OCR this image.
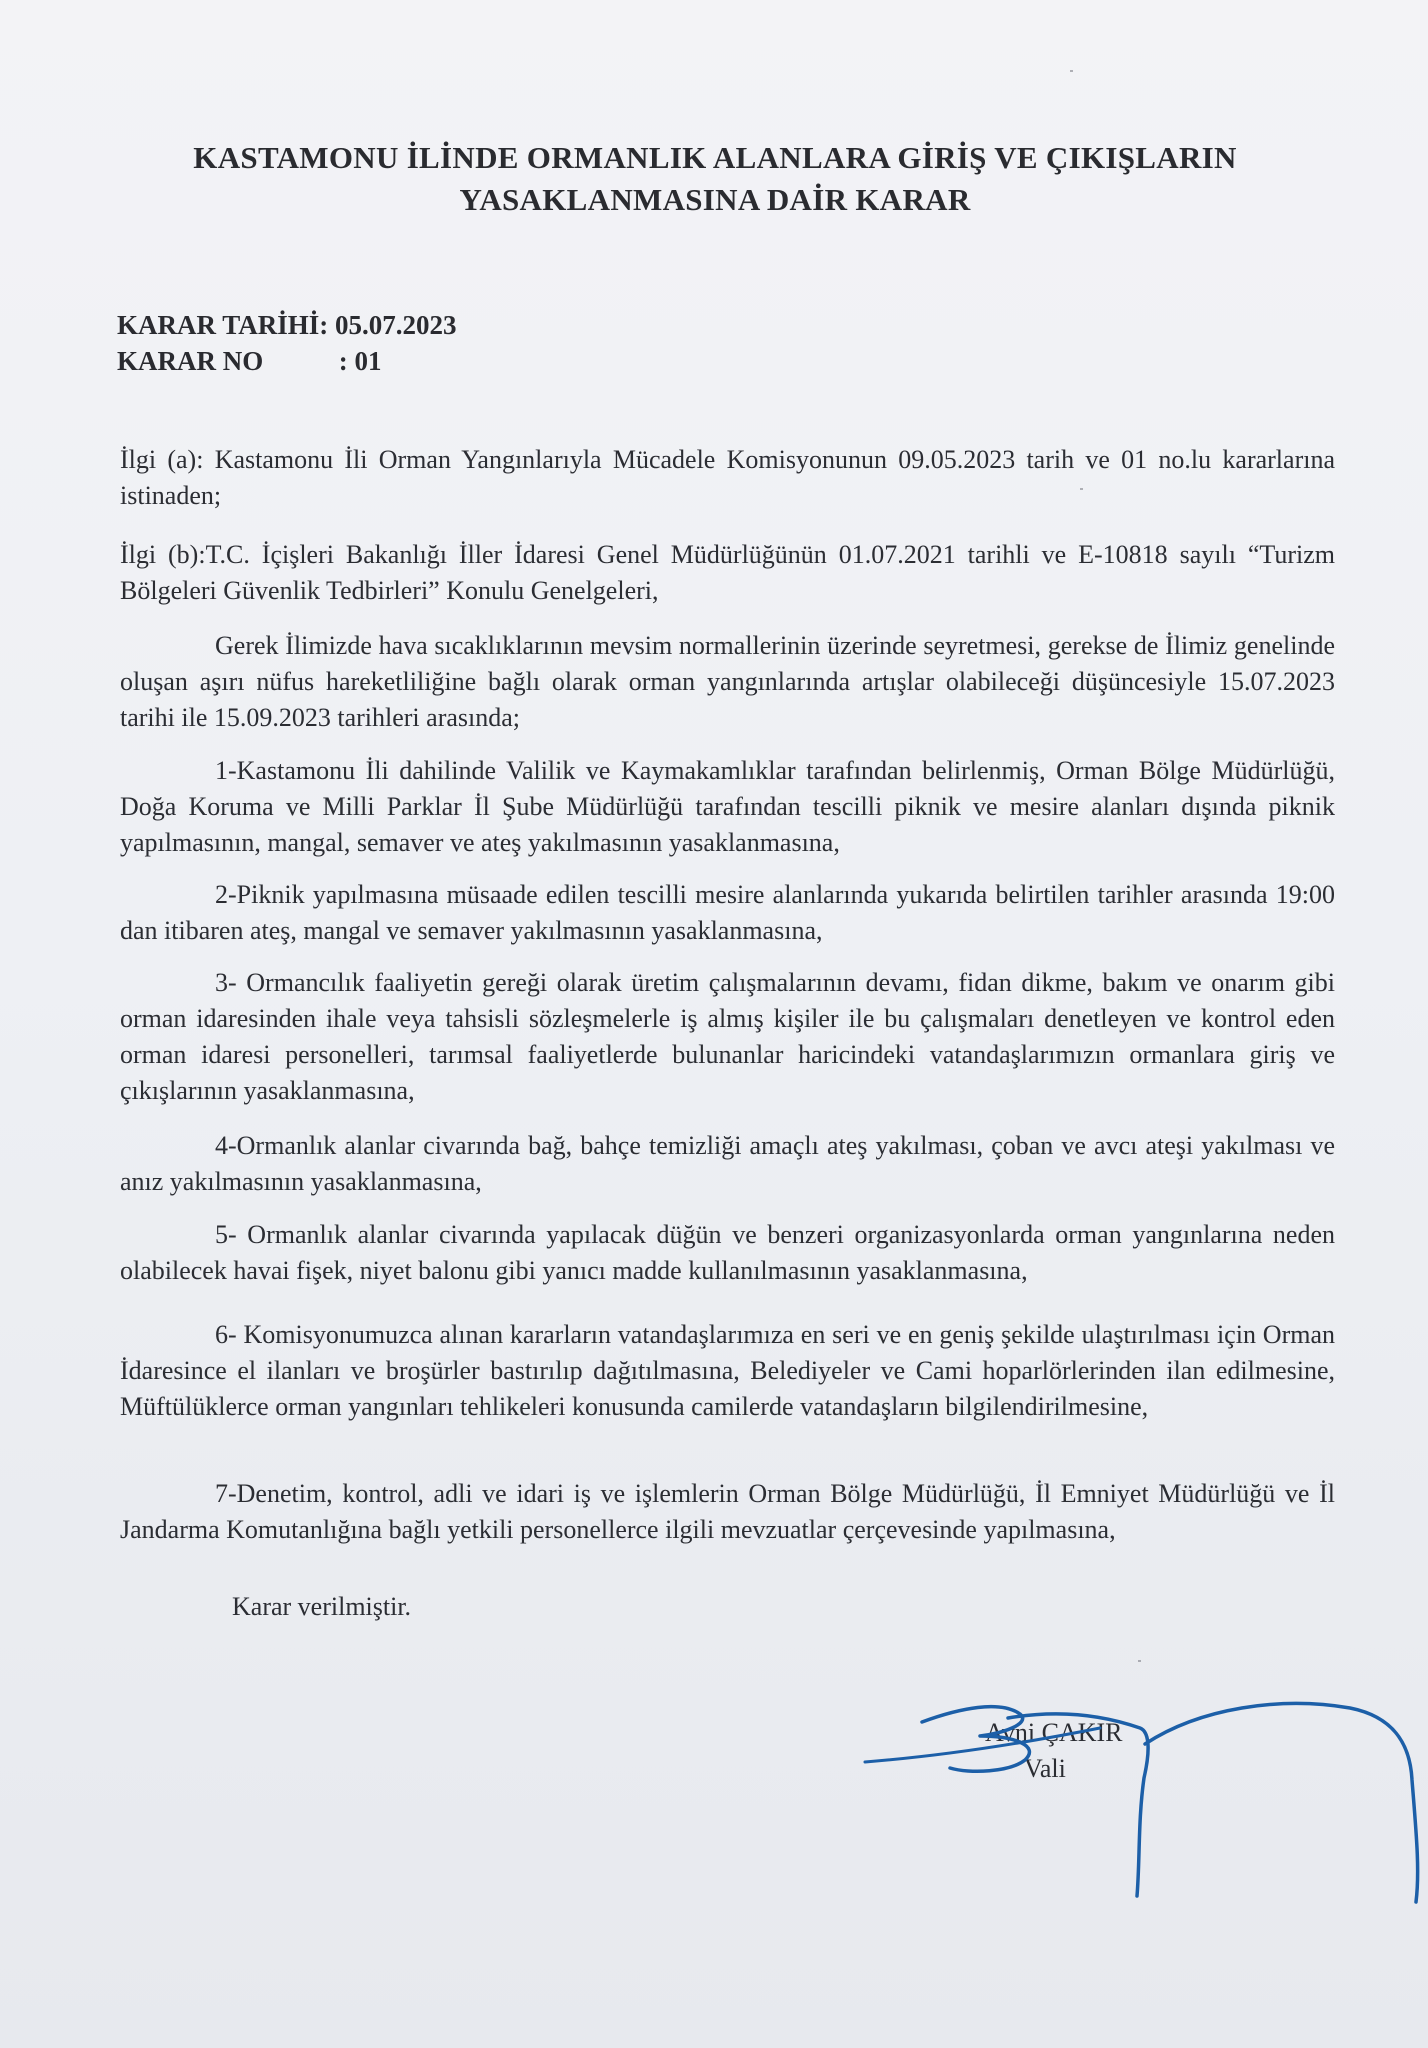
KASTAMONU İLİNDE ORMANLIK ALANLARA GİRİŞ VE ÇIKIŞLARIN
YASAKLANMASINA DAİR KARAR
KARAR TARİHİ: 05.07.2023
KARAR NO	: 01
İlgi (a): Kastamonu İli Orman Yangınlarıyla Mücadele Komisyonunun 09.05.2023 tarih ve 01 no.lu kararlarına istinaden;
İlgi (b):T.C. İçişleri Bakanlığı İller İdaresi Genel Müdürlüğünün 01.07.2021 tarihli ve E-10818 sayılı “Turizm Bölgeleri Güvenlik Tedbirleri” Konulu Genelgeleri,
Gerek İlimizde hava sıcaklıklarının mevsim normallerinin üzerinde seyretmesi, gerekse de İlimiz genelinde oluşan aşırı nüfus hareketliliğine bağlı olarak orman yangınlarında artışlar olabileceği düşüncesiyle 15.07.2023 tarihi ile 15.09.2023 tarihleri arasında;
1-Kastamonu İli dahilinde Valilik ve Kaymakamlıklar tarafından belirlenmiş, Orman Bölge Müdürlüğü, Doğa Koruma ve Milli Parklar İl Şube Müdürlüğü tarafından tescilli piknik ve mesire alanları dışında piknik yapılmasının, mangal, semaver ve ateş yakılmasının yasaklanmasına,
2-Piknik yapılmasına müsaade edilen tescilli mesire alanlarında yukarıda belirtilen tarihler arasında 19:00 dan itibaren ateş, mangal ve semaver yakılmasının yasaklanmasına,
3- Ormancılık faaliyetin gereği olarak üretim çalışmalarının devamı, fidan dikme, bakım ve onarım gibi orman idaresinden ihale veya tahsisli sözleşmelerle iş almış kişiler ile bu çalışmaları denetleyen ve kontrol eden orman idaresi personelleri, tarımsal faaliyetlerde bulunanlar haricindeki vatandaşlarımızın ormanlara giriş ve çıkışlarının yasaklanmasına,
4-Ormanlık alanlar civarında bağ, bahçe temizliği amaçlı ateş yakılması, çoban ve avcı ateşi yakılması ve anız yakılmasının yasaklanmasına,
5- Ormanlık alanlar civarında yapılacak düğün ve benzeri organizasyonlarda orman yangınlarına neden olabilecek havai fişek, niyet balonu gibi yanıcı madde kullanılmasının yasaklanmasına,
6- Komisyonumuzca alınan kararların vatandaşlarımıza en seri ve en geniş şekilde ulaştırılması için Orman İdaresince el ilanları ve broşürler bastırılıp dağıtılmasına, Belediyeler ve Cami hoparlörlerinden ilan edilmesine, Müftülüklerce orman yangınları tehlikeleri konusunda camilerde vatandaşların bilgilendirilmesine,
7-Denetim, kontrol, adli ve idari iş ve işlemlerin Orman Bölge Müdürlüğü, İl Emniyet Müdürlüğü ve İl Jandarma Komutanlığına bağlı yetkili personellerce ilgili mevzuatlar çerçevesinde yapılmasına,
Karar verilmiştir.
Avni ÇAKIR
Vali
